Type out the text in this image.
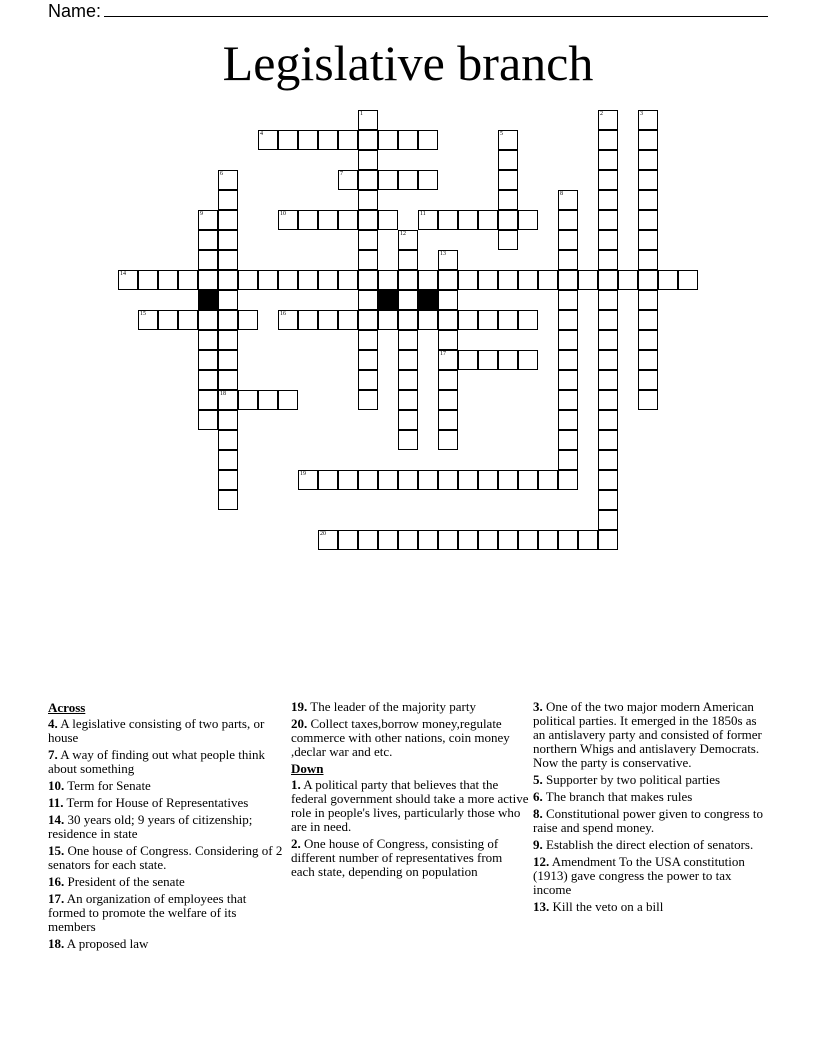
Name:
Legislative branch
1	2	3
4	5
6
18
7
8
9	10	11
12
13
17
14
15	16
19
20
Across
4. A legislative consisting of two parts, or house
7. A way of finding out what people think about something
10. Term for Senate
11. Term for House of Representatives
14. 30 years old; 9 years of citizenship; residence in state
15. One house of Congress. Considering of 2 senators for each state.
16. President of the senate
17. An organization of employees that formed to promote the welfare of its members
18. A proposed law
19. The leader of the majority party
20. Collect taxes,borrow money,regulate commerce with other nations, coin money ,declar war and etc.
Down
1. A political party that believes that the federal government should take a more active role in people's lives, particularly those who are in need.
2. One house of Congress, consisting of different number of representatives from each state, depending on population
3. One of the two major modern American political parties. It emerged in the 1850s as an antislavery party and consisted of former northern Whigs and antislavery Democrats. Now the party is conservative.
5. Supporter by two political parties
6. The branch that makes rules
8. Constitutional power given to congress to raise and spend money.
9. Establish the direct election of senators.
12. Amendment To the USA constitution (1913) gave congress the power to tax income
13. Kill the veto on a bill
